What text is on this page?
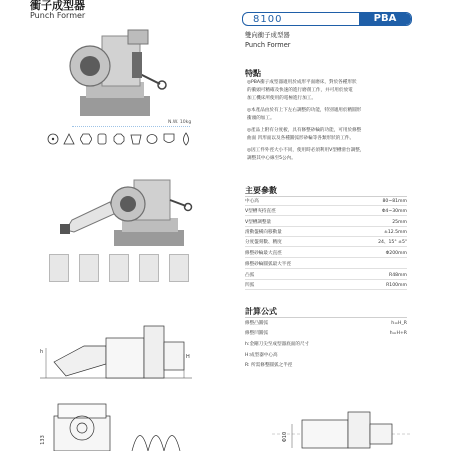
衝子成型器
Punch Former	8100	PBA
雙向衝子成型器
Punch Former
特點
◎PBA衝子成型器適用於成形平面磨床，對於各種形狀
的衝頭可精確及快速的進行磨削工作，并可用於放電
加工機床所使用的電極進行加工。
◎本產品由於有上下左右調整的功能，特別適用於精圓形
衝頭的加工。
◎產品上附有分度板，具有修整砂輪的功能，可用於修整
曲面 凹形面以及各種圓弧形砂輪等各類形狀的工件。
◎因工件外徑大小不同，使用時必須利用V型槽滑台調整，
調整其中心線至5公內。
主要參數
中心高	80~81mm
V型槽夾持直徑	Φ4~30mm
V型槽調整量	25mm
滑動盤橫向移動量	±12.5mm
分度盤刻數、精度	24、15° ±5"
修整砂輪最大直徑	Φ200mm
修整砂輪圓弧最大半徑
凸弧	R48mm
凹弧	R100mm
計算公式
修整凸圓弧	h=H_R
修整凹圓弧	h=H+R
h:金剛刀尖至成型器底面的尺寸
H:成型器中心高
R: 所需修整圓弧之半徑
N.W. 10kg
h
H
133	Φ10
